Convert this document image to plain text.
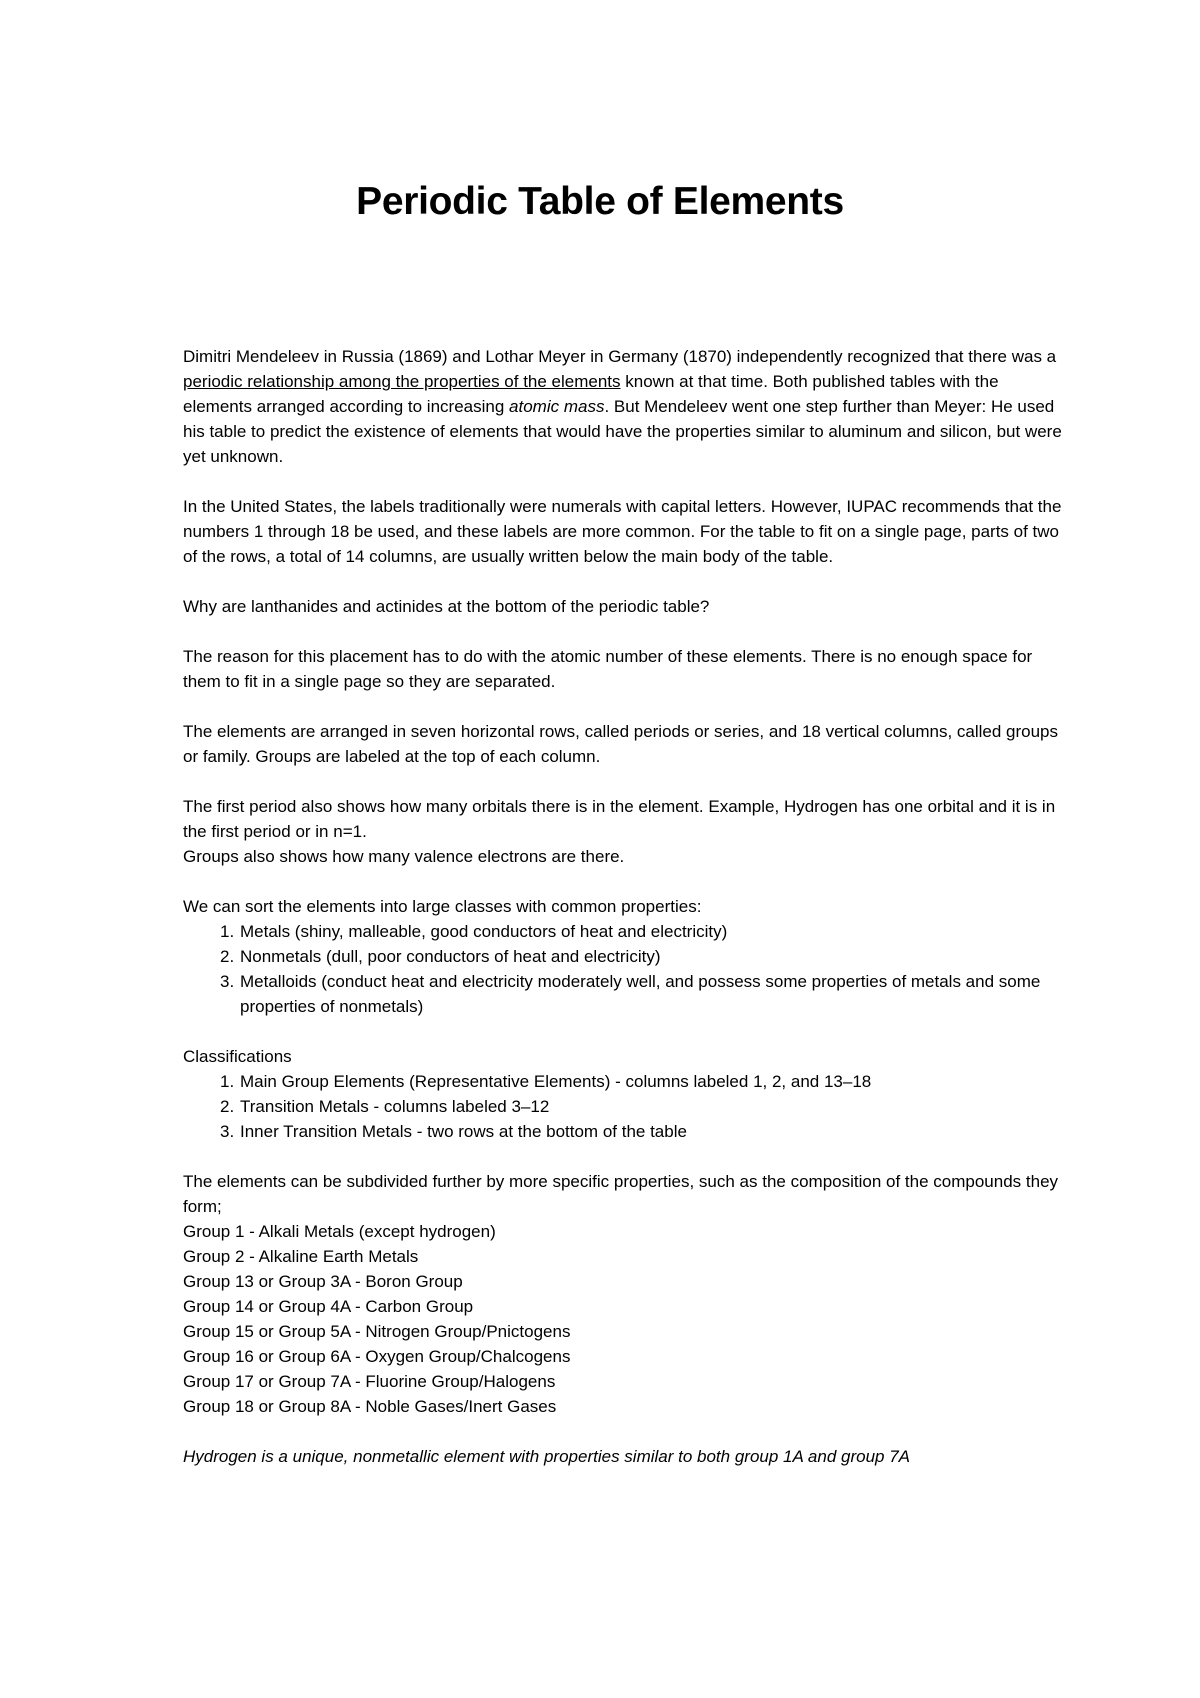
Periodic Table of Elements

Dimitri Mendeleev in Russia (1869) and Lothar Meyer in Germany (1870) independently recognized that there was a periodic relationship among the properties of the elements known at that time. Both published tables with the elements arranged according to increasing atomic mass. But Mendeleev went one step further than Meyer: He used his table to predict the existence of elements that would have the properties similar to aluminum and silicon, but were yet unknown.

In the United States, the labels traditionally were numerals with capital letters. However, IUPAC recommends that the numbers 1 through 18 be used, and these labels are more common. For the table to fit on a single page, parts of two of the rows, a total of 14 columns, are usually written below the main body of the table.

Why are lanthanides and actinides at the bottom of the periodic table?

The reason for this placement has to do with the atomic number of these elements. There is no enough space for them to fit in a single page so they are separated.

The elements are arranged in seven horizontal rows, called periods or series, and 18 vertical columns, called groups or family. Groups are labeled at the top of each column.

The first period also shows how many orbitals there is in the element. Example, Hydrogen has one orbital and it is in the first period or in n=1.

Groups also shows how many valence electrons are there.

We can sort the elements into large classes with common properties:

1. Metals (shiny, malleable, good conductors of heat and electricity)
2. Nonmetals (dull, poor conductors of heat and electricity)
3. Metalloids (conduct heat and electricity moderately well, and possess some properties of metals and some properties of nonmetals)

Classifications

1. Main Group Elements (Representative Elements) - columns labeled 1, 2, and 13–18
2. Transition Metals - columns labeled 3–12
3. Inner Transition Metals - two rows at the bottom of the table

The elements can be subdivided further by more specific properties, such as the composition of the compounds they form;

Group 1 - Alkali Metals (except hydrogen)
Group 2 - Alkaline Earth Metals
Group 13 or Group 3A - Boron Group
Group 14 or Group 4A - Carbon Group
Group 15 or Group 5A - Nitrogen Group/Pnictogens
Group 16 or Group 6A - Oxygen Group/Chalcogens
Group 17 or Group 7A - Fluorine Group/Halogens
Group 18 or Group 8A - Noble Gases/Inert Gases

Hydrogen is a unique, nonmetallic element with properties similar to both group 1A and group 7A
